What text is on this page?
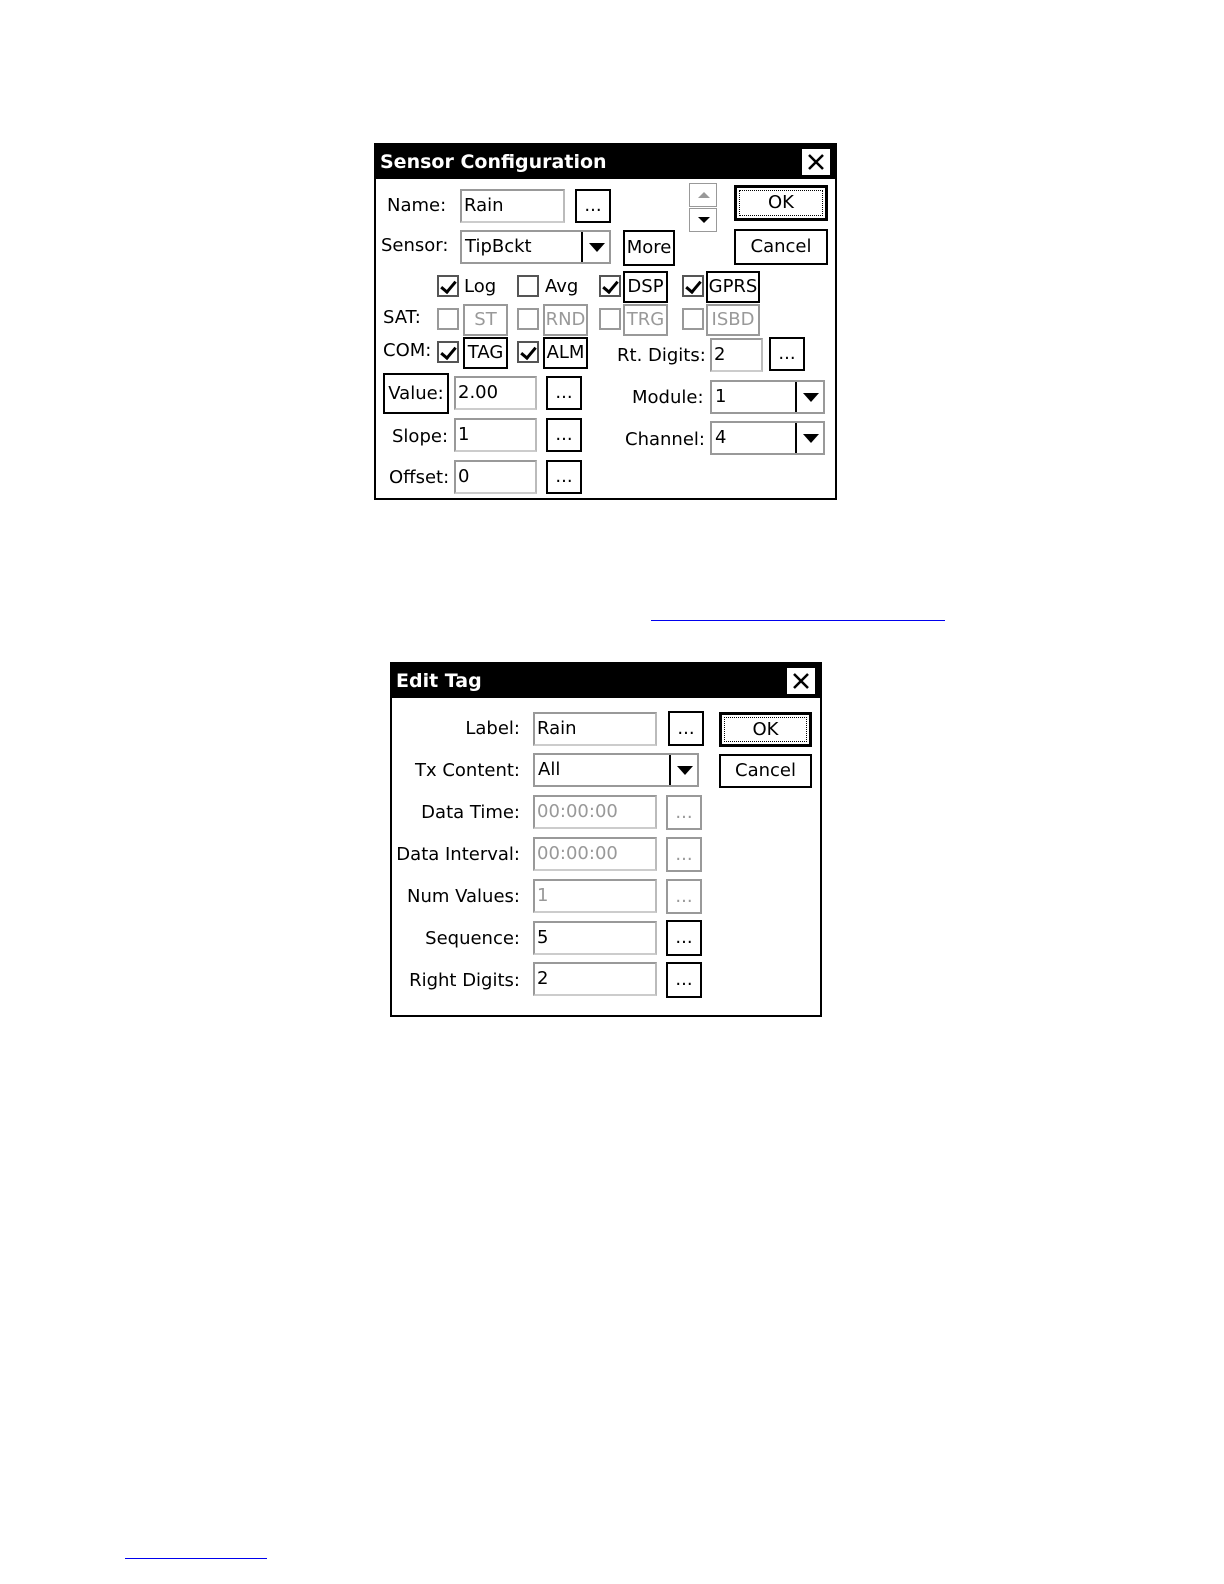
Sensor Configuration
Name: Rain	...	OK
Cancel
Sensor: TipBckt	More
Log	Avg	DSP	GPRS
SAT:	ST	RND TRG	ISBD
COM: TAG ALM Rt. Digits: 2	...
Value: 2.00	...	Module: 1
Slope: 1	...	Channel: 4
Offset: 0	...
Edit Tag
OK
Cancel
Label: Rain	...
Tx Content: All
Data Time: 00:00:00	...
Data Interval: 00:00:00	...
Num Values: 1	...
Sequence: 5	...
Right Digits: 2	...
